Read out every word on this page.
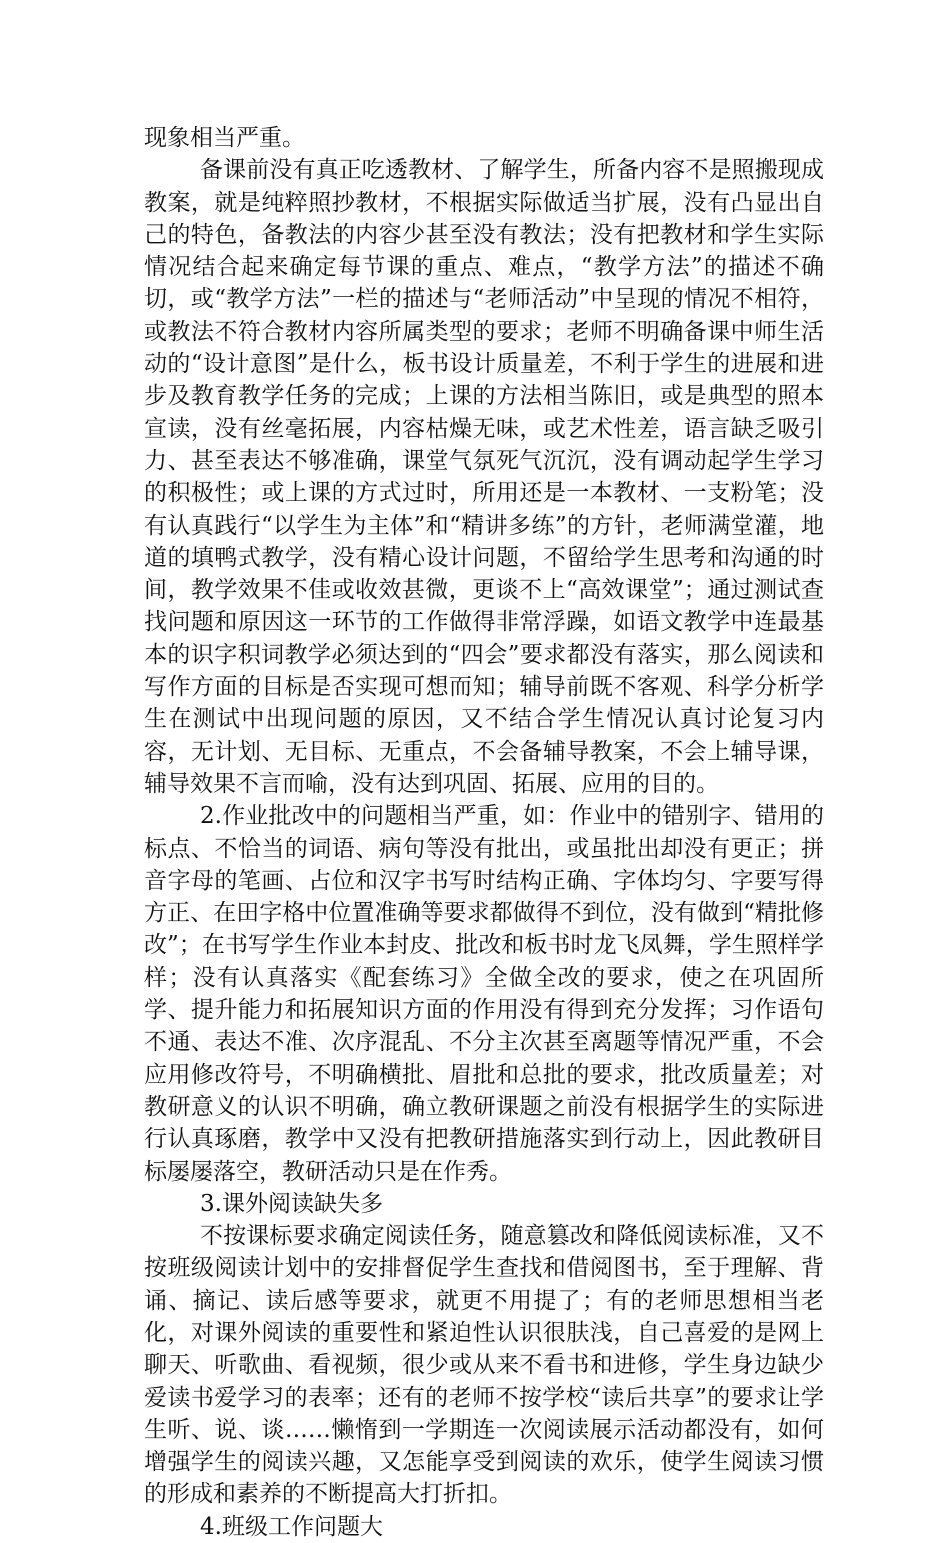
现象相当严重。

备课前没有真正吃透教材、了解学生，所备内容不是照搬现成教案，就是纯粹照抄教材，不根据实际做适当扩展，没有凸显出自己的特色，备教法的内容少甚至没有教法；没有把教材和学生实际情况结合起来确定每节课的重点、难点，“教学方法”的描述不确切，或“教学方法”一栏的描述与“老师活动”中呈现的情况不相符，或教法不符合教材内容所属类型的要求；老师不明确备课中师生活动的“设计意图”是什么，板书设计质量差，不利于学生的进展和进步及教育教学任务的完成；上课的方法相当陈旧，或是典型的照本宣读，没有丝毫拓展，内容枯燥无味，或艺术性差，语言缺乏吸引力、甚至表达不够准确，课堂气氛死气沉沉，没有调动起学生学习的积极性；或上课的方式过时，所用还是一本教材、一支粉笔；没有认真践行“以学生为主体”和“精讲多练”的方针，老师满堂灌，地道的填鸭式教学，没有精心设计问题，不留给学生思考和沟通的时间，教学效果不佳或收效甚微，更谈不上“高效课堂”；通过测试查找问题和原因这一环节的工作做得非常浮躁，如语文教学中连最基本的识字积词教学必须达到的“四会”要求都没有落实，那么阅读和写作方面的目标是否实现可想而知；辅导前既不客观、科学分析学生在测试中出现问题的原因，又不结合学生情况认真讨论复习内容，无计划、无目标、无重点，不会备辅导教案，不会上辅导课，辅导效果不言而喻，没有达到巩固、拓展、应用的目的。

2.作业批改中的问题相当严重，如：作业中的错别字、错用的标点、不恰当的词语、病句等没有批出，或虽批出却没有更正；拼音字母的笔画、占位和汉字书写时结构正确、字体均匀、字要写得方正、在田字格中位置准确等要求都做得不到位，没有做到“精批修改”；在书写学生作业本封皮、批改和板书时龙飞凤舞，学生照样学样；没有认真落实《配套练习》全做全改的要求，使之在巩固所学、提升能力和拓展知识方面的作用没有得到充分发挥；习作语句不通、表达不准、次序混乱、不分主次甚至离题等情况严重，不会应用修改符号，不明确横批、眉批和总批的要求，批改质量差；对教研意义的认识不明确，确立教研课题之前没有根据学生的实际进行认真琢磨，教学中又没有把教研措施落实到行动上，因此教研目标屡屡落空，教研活动只是在作秀。

3.课外阅读缺失多

不按课标要求确定阅读任务，随意篡改和降低阅读标准，又不按班级阅读计划中的安排督促学生查找和借阅图书，至于理解、背诵、摘记、读后感等要求，就更不用提了；有的老师思想相当老化，对课外阅读的重要性和紧迫性认识很肤浅，自己喜爱的是网上聊天、听歌曲、看视频，很少或从来不看书和进修，学生身边缺少爱读书爱学习的表率；还有的老师不按学校“读后共享”的要求让学生听、说、谈……懒惰到一学期连一次阅读展示活动都没有，如何增强学生的阅读兴趣，又怎能享受到阅读的欢乐，使学生阅读习惯的形成和素养的不断提高大打折扣。

4.班级工作问题大
